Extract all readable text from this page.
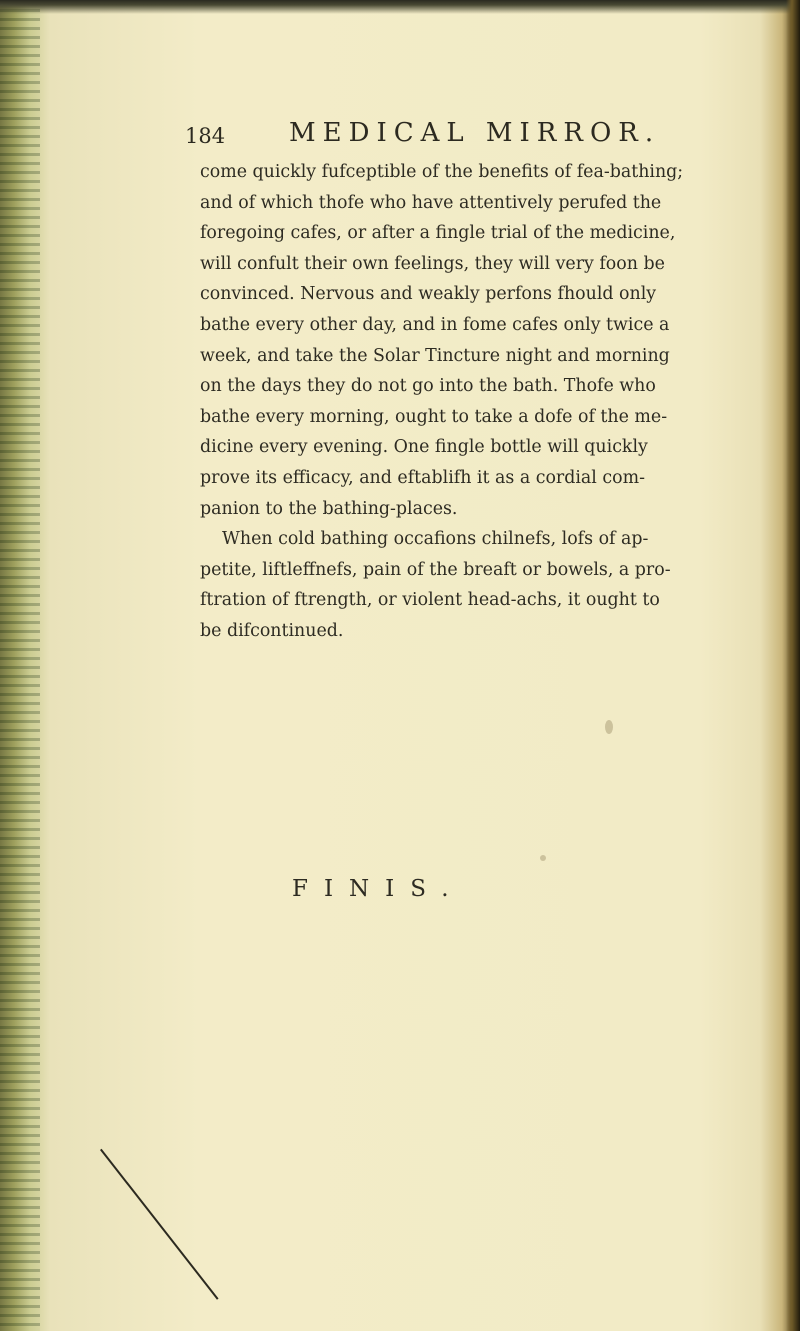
184 MEDICAL MIRROR.
come quickly fufceptible of the benefits of fea-bathing;
and of which thofe who have attentively perufed the
foregoing cafes, or after a fingle trial of the medicine,
will confult their own feelings, they will very foon be
convinced. Nervous and weakly perfons fhould only
bathe every other day, and in fome cafes only twice a
week, and take the Solar Tincture night and morning
on the days they do not go into the bath. Thofe who
bathe every morning, ought to take a dofe of the me-
dicine every evening. One fingle bottle will quickly
prove its efficacy, and eftablifh it as a cordial com-
panion to the bathing-places.
When cold bathing occafions chilnefs, lofs of ap-
petite, liftleffnefs, pain of the breaft or bowels, a pro-
ftration of ftrength, or violent head-achs, it ought to
be difcontinued.
FINIS.
